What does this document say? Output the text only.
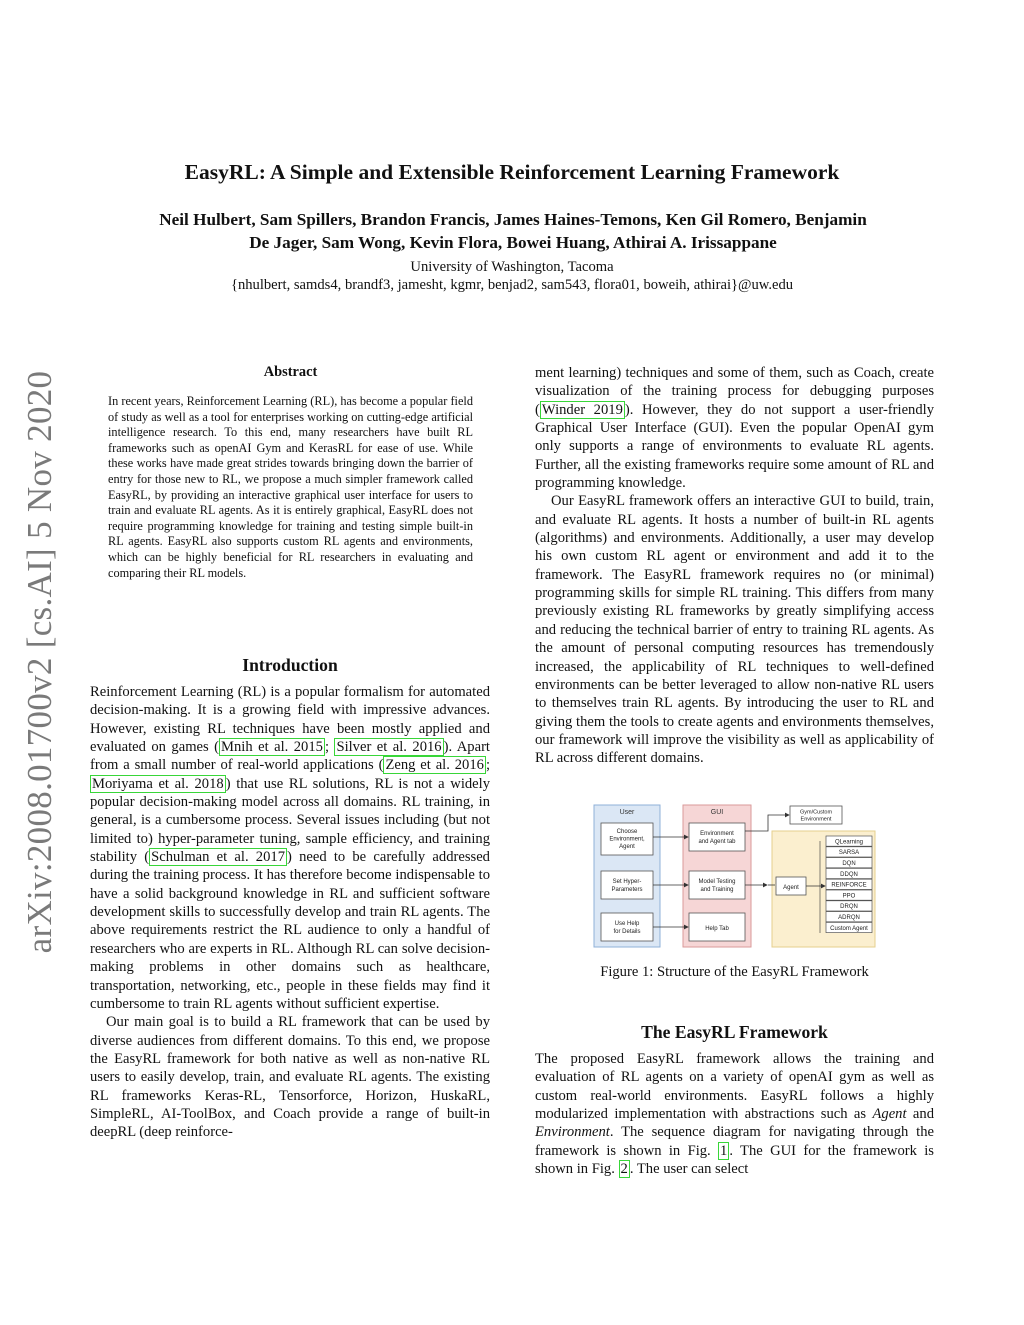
EasyRL: A Simple and Extensible Reinforcement Learning Framework
Neil Hulbert, Sam Spillers, Brandon Francis, James Haines-Temons, Ken Gil Romero, Benjamin
De Jager, Sam Wong, Kevin Flora, Bowei Huang, Athirai A. Irissappane
University of Washington, Tacoma
{nhulbert, samds4, brandf3, jamesht, kgmr, benjad2, sam543, flora01, boweih, athirai}@uw.edu
arXiv:2008.01700v2 [cs.AI] 5 Nov 2020	Abstract
In recent years, Reinforcement Learning (RL), has become a popular field of study as well as a tool for enterprises working on cutting-edge artificial intelligence research. To this end, many researchers have built RL frameworks such as openAI Gym and KerasRL for ease of use. While these works have made great strides towards bringing down the barrier of entry for those new to RL, we propose a much simpler framework called EasyRL, by providing an interactive graphical user interface for users to train and evaluate RL agents. As it is entirely graphical, EasyRL does not require programming knowledge for training and testing simple built-in RL agents. EasyRL also supports custom RL agents and environments, which can be highly beneficial for RL researchers in evaluating and comparing their RL models.
Introduction

Reinforcement Learning (RL) is a popular formalism for automated decision-making. It is a growing field with impressive advances. However, existing RL techniques have been mostly applied and evaluated on games ( Mnih et al. 2015 ; Silver et al. 2016 ). Apart from a small number of real-world applications ( Zeng et al. 2016 ; Moriyama et al. 2018 ) that use RL solutions, RL is not a widely popular decision-making model across all domains. RL training, in general, is a cumbersome process. Several issues including (but not limited to) hyper-parameter tuning, sample efficiency, and training stability ( Schulman et al. 2017 ) need to be carefully addressed during the training process. It has therefore become indispensable to have a solid background knowledge in RL and sufficient software development skills to successfully develop and train RL agents. The above requirements restrict the RL audience to only a handful of researchers who are experts in RL. Although RL can solve decision-making problems in other domains such as healthcare, transportation, networking, etc., people in these fields may find it cumbersome to train RL agents without sufficient expertise.

Our main goal is to build a RL framework that can be used by diverse audiences from different domains. To this end, we propose the EasyRL framework for both native as well as non-native RL users to easily develop, train, and evaluate RL agents. The existing RL frameworks Keras-RL, Tensorforce, Horizon, HuskaRL, SimpleRL, AI-ToolBox, and Coach provide a range of built-in deepRL (deep reinforce-

ment learning) techniques and some of them, such as Coach, create visualization of the training process for debugging purposes ( Winder 2019 ). However, they do not support a user-friendly Graphical User Interface (GUI). Even the popular OpenAI gym only supports a range of environments to evaluate RL agents. Further, all the existing frameworks require some amount of RL and programming knowledge.

Our EasyRL framework offers an interactive GUI to build, train, and evaluate RL agents. It hosts a number of built-in RL agents (algorithms) and environments. Additionally, a user may develop his own custom RL agent or environment and add it to the framework. The EasyRL framework requires no (or minimal) programming skills for simple RL training. This differs from many previously existing RL frameworks by greatly simplifying access and reducing the technical barrier of entry to training RL agents. As the amount of personal computing resources has tremendously increased, the applicability of RL techniques to well-defined environments can be better leveraged to allow non-native RL users to themselves train RL agents. By introducing the user to RL and giving them the tools to create agents and environments themselves, our framework will improve the visibility as well as applicability of RL across different domains.

User
Choose
Environment,
Agent
Set Hyper-
Parameters
Use Help
for Details
GUI
Environment
and Agent tab
Model Testing
and Training
Help Tab
Gym/Custom
Environment
Agent
QLearning
SARSA
DQN
DDQN
REINFORCE
PPO
DRQN
ADRQN
Custom Agent
Figure 1: Structure of the EasyRL Framework
The EasyRL Framework

The proposed EasyRL framework allows the training and evaluation of RL agents on a variety of openAI gym as well as custom real-world environments. EasyRL follows a highly modularized implementation with abstractions such as Agent and Environment. The sequence diagram for navigating through the framework is shown in Fig. 1 . The GUI for the framework is shown in Fig. 2 . The user can select
